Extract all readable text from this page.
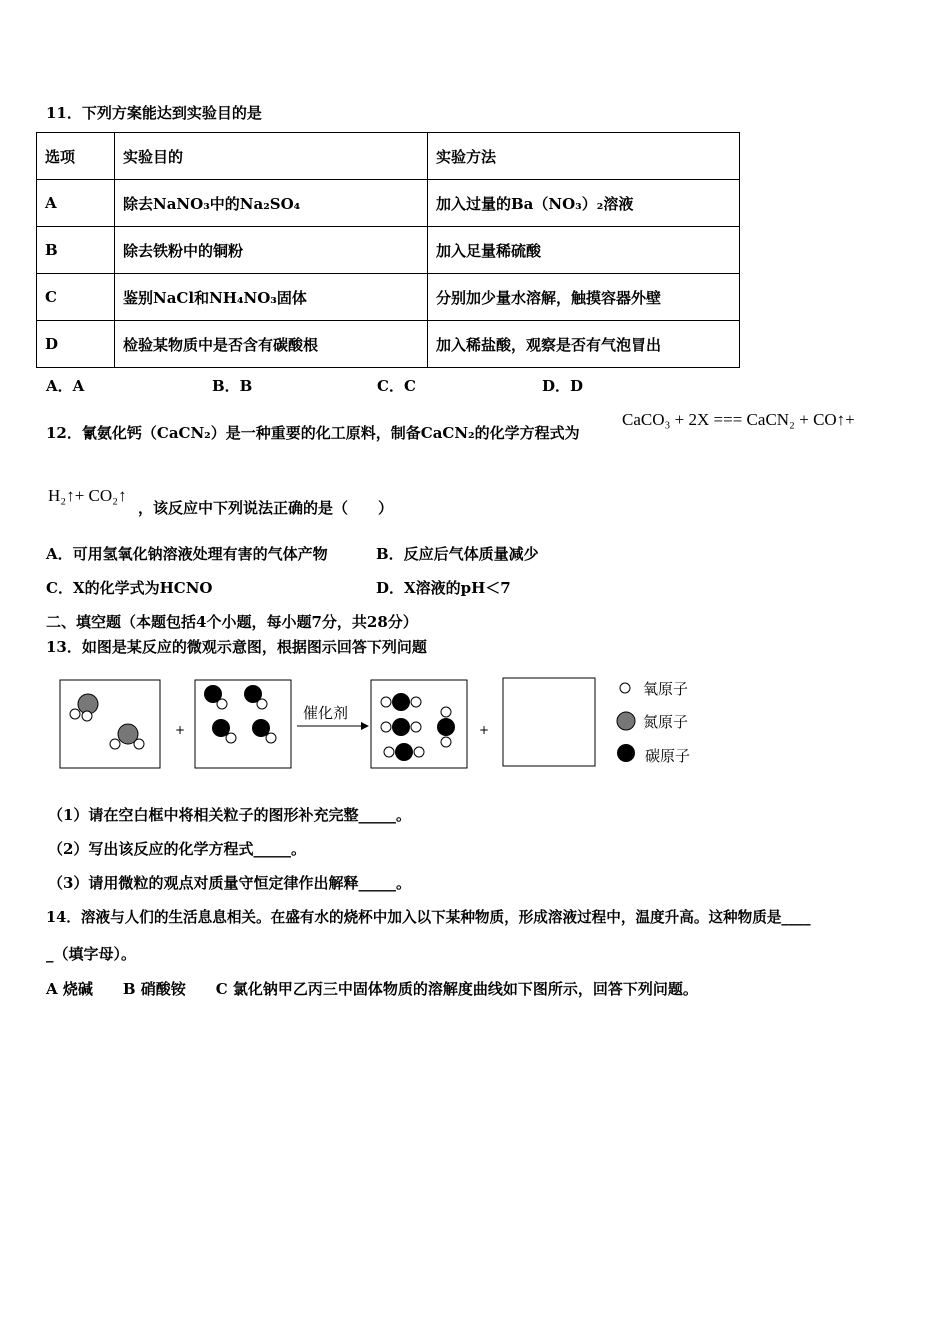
11．下列方案能达到实验目的是
选项	实验目的	实验方法
A	除去NaNO₃中的Na₂SO₄	加入过量的Ba（NO₃）₂溶液
B	除去铁粉中的铜粉	加入足量稀硫酸
C	鉴别NaCl和NH₄NO₃固体	分别加少量水溶解，触摸容器外壁
D	检验某物质中是否含有碳酸根	加入稀盐酸，观察是否有气泡冒出
A．A	B．B	C．C	D．D
12．氰氨化钙（CaCN₂）是一种重要的化工原料，制备CaCN₂的化学方程式为
CaCO₃ + 2X === CaCN₂ + CO↑+
H₂↑+ CO₂↑
，该反应中下列说法正确的是（　　）
A．可用氢氧化钠溶液处理有害的气体产物	B．反应后气体质量减少
C．X的化学式为HCNO	D．X溶液的pH＜7
二、填空题（本题包括4个小题，每小题7分，共28分）
13．如图是某反应的微观示意图，根据图示回答下列问题
+
催化剂
+
氧原子
氮原子
碳原子
（1）请在空白框中将相关粒子的图形补充完整_____。
（2）写出该反应的化学方程式_____。
（3）请用微粒的观点对质量守恒定律作出解释_____。
14．溶液与人们的生活息息相关。在盛有水的烧杯中加入以下某种物质，形成溶液过程中，温度升高。这种物质是____
_（填字母）。
A 烧碱　　B 硝酸铵　　C 氯化钠甲乙丙三中固体物质的溶解度曲线如下图所示，回答下列问题。
